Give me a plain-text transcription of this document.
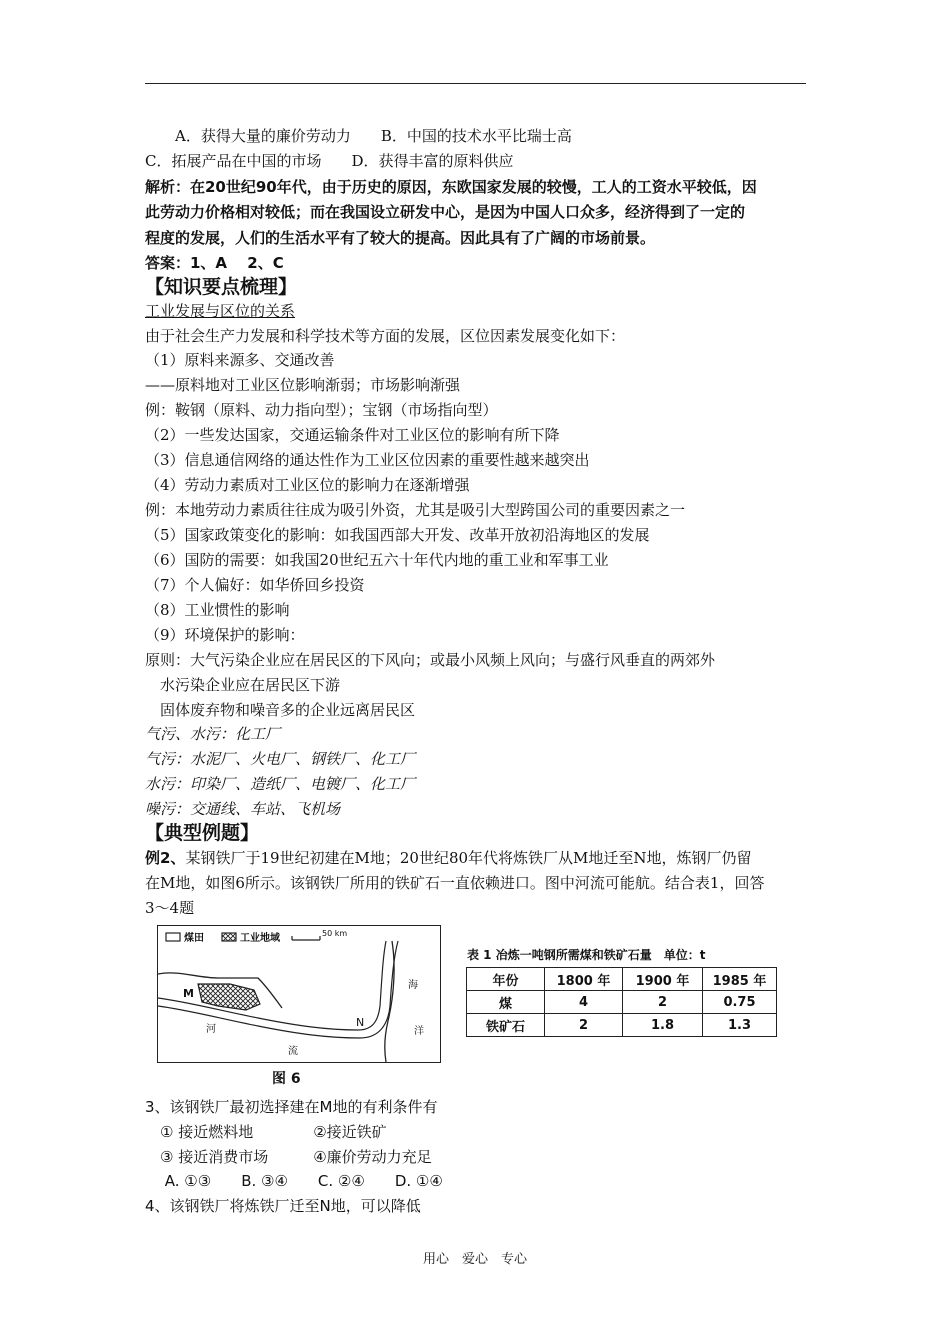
　　A．获得大量的廉价劳动力　　B．中国的技术水平比瑞士高
C．拓展产品在中国的市场　　D．获得丰富的原料供应
解析：在20世纪90年代，由于历史的原因，东欧国家发展的较慢，工人的工资水平较低，因
此劳动力价格相对较低；而在我国设立研发中心，是因为中国人口众多，经济得到了一定的
程度的发展，人们的生活水平有了较大的提高。因此具有了广阔的市场前景。
答案：1、A　 2、C
【知识要点梳理】
工业发展与区位的关系
由于社会生产力发展和科学技术等方面的发展，区位因素发展变化如下：
（1）原料来源多、交通改善
——原料地对工业区位影响渐弱；市场影响渐强
例：鞍钢（原料、动力指向型）；宝钢（市场指向型）
（2）一些发达国家，交通运输条件对工业区位的影响有所下降
（3）信息通信网络的通达性作为工业区位因素的重要性越来越突出
（4）劳动力素质对工业区位的影响力在逐渐增强
例：本地劳动力素质往往成为吸引外资，尤其是吸引大型跨国公司的重要因素之一
（5）国家政策变化的影响：如我国西部大开发、改革开放初沿海地区的发展
（6）国防的需要：如我国20世纪五六十年代内地的重工业和军事工业
（7）个人偏好：如华侨回乡投资
（8）工业惯性的影响
（9）环境保护的影响：
原则：大气污染企业应在居民区的下风向；或最小风频上风向；与盛行风垂直的两郊外
　水污染企业应在居民区下游
　固体废弃物和噪音多的企业远离居民区
气污、水污：化工厂
气污：水泥厂、火电厂、钢铁厂、化工厂
水污：印染厂、造纸厂、电镀厂、化工厂
噪污：交通线、车站、飞机场
【典型例题】
例2、某钢铁厂于19世纪初建在M地；20世纪80年代将炼铁厂从M地迁至N地，炼钢厂仍留
在M地，如图6所示。该钢铁厂所用的铁矿石一直依赖进口。图中河流可能航。结合表1，回答
3～4题
煤田	工业地域	50 km
M
N
河
流
海
洋
图 6
表 1 冶炼一吨钢所需煤和铁矿石量　单位：t
年份	1800 年	1900 年	1985 年
煤	4	2	0.75
铁矿石	2	1.8	1.3
3、该钢铁厂最初选择建在M地的有利条件有
　① 接近燃料地　　　　②接近铁矿
　③ 接近消费市场　　　④廉价劳动力充足
　 A. ①③　　B. ③④　　C. ②④　　D. ①④
4、该钢铁厂将炼铁厂迁至N地，可以降低
用心　爱心　专心
